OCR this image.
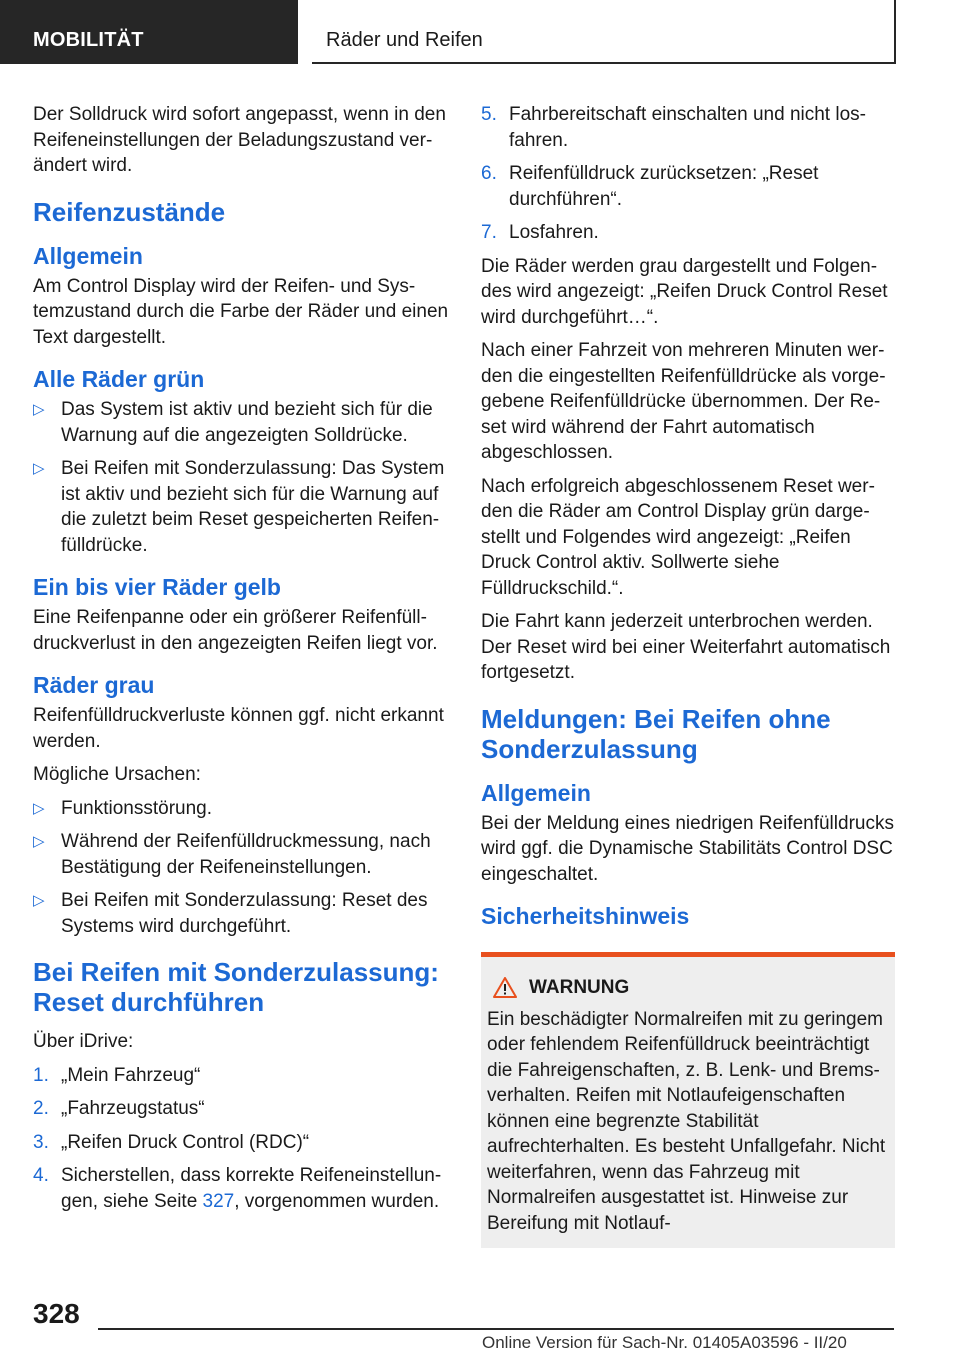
MOBILITÄT	Räder und Reifen

Der Solldruck wird sofort angepasst, wenn in den Reifeneinstellungen der Beladungszustand verändert wird.

Reifenzustände
Allgemein

Am Control Display wird der Reifen- und Systemzustand durch die Farbe der Räder und einen Text dargestellt.

Alle Räder grün
▷ Das System ist aktiv und bezieht sich für die Warnung auf die angezeigten Solldrücke.
▷ Bei Reifen mit Sonderzulassung: Das System ist aktiv und bezieht sich für die Warnung auf die zuletzt beim Reset gespeicherten Reifenfülldrücke.
Ein bis vier Räder gelb

Eine Reifenpanne oder ein größerer Reifenfülldruckverlust in den angezeigten Reifen liegt vor.

Räder grau

Reifenfülldruckverluste können ggf. nicht erkannt werden.

Mögliche Ursachen:

▷ Funktionsstörung.
▷ Während der Reifenfülldruckmessung, nach Bestätigung der Reifeneinstellungen.
▷ Bei Reifen mit Sonderzulassung: Reset des Systems wird durchgeführt.
Bei Reifen mit Sonderzulassung: Reset durchführen

Über iDrive:

1. „Mein Fahrzeug“
2. „Fahrzeugstatus“
3. „Reifen Druck Control (RDC)“
4. Sicherstellen, dass korrekte Reifeneinstellungen, siehe Seite 327, vorgenommen wurden.
5. Fahrbereitschaft einschalten und nicht losfahren.
6. Reifenfülldruck zurücksetzen: „Reset durchführen“.
7. Losfahren.

Die Räder werden grau dargestellt und Folgendes wird angezeigt: „Reifen Druck Control Reset wird durchgeführt…“.

Nach einer Fahrzeit von mehreren Minuten werden die eingestellten Reifenfülldrücke als vorgegebene Reifenfülldrücke übernommen. Der Reset wird während der Fahrt automatisch abgeschlossen.

Nach erfolgreich abgeschlossenem Reset werden die Räder am Control Display grün dargestellt und Folgendes wird angezeigt: „Reifen Druck Control aktiv. Sollwerte siehe Fülldruckschild.“.

Die Fahrt kann jederzeit unterbrochen werden. Der Reset wird bei einer Weiterfahrt automatisch fortgesetzt.

Meldungen: Bei Reifen ohne Sonderzulassung
Allgemein

Bei der Meldung eines niedrigen Reifenfülldrucks wird ggf. die Dynamische Stabilitäts Control DSC eingeschaltet.

Sicherheitshinweis
WARNUNG

Ein beschädigter Normalreifen mit zu geringem oder fehlendem Reifenfülldruck beeinträchtigt die Fahreigenschaften, z. B. Lenk- und Bremsverhalten. Reifen mit Notlaufeigenschaften können eine begrenzte Stabilität aufrechterhalten. Es besteht Unfallgefahr. Nicht weiterfahren, wenn das Fahrzeug mit Normalreifen ausgestattet ist. Hinweise zur Bereifung mit Notlauf-

328
Online Version für Sach-Nr. 01405A03596 - II/20
